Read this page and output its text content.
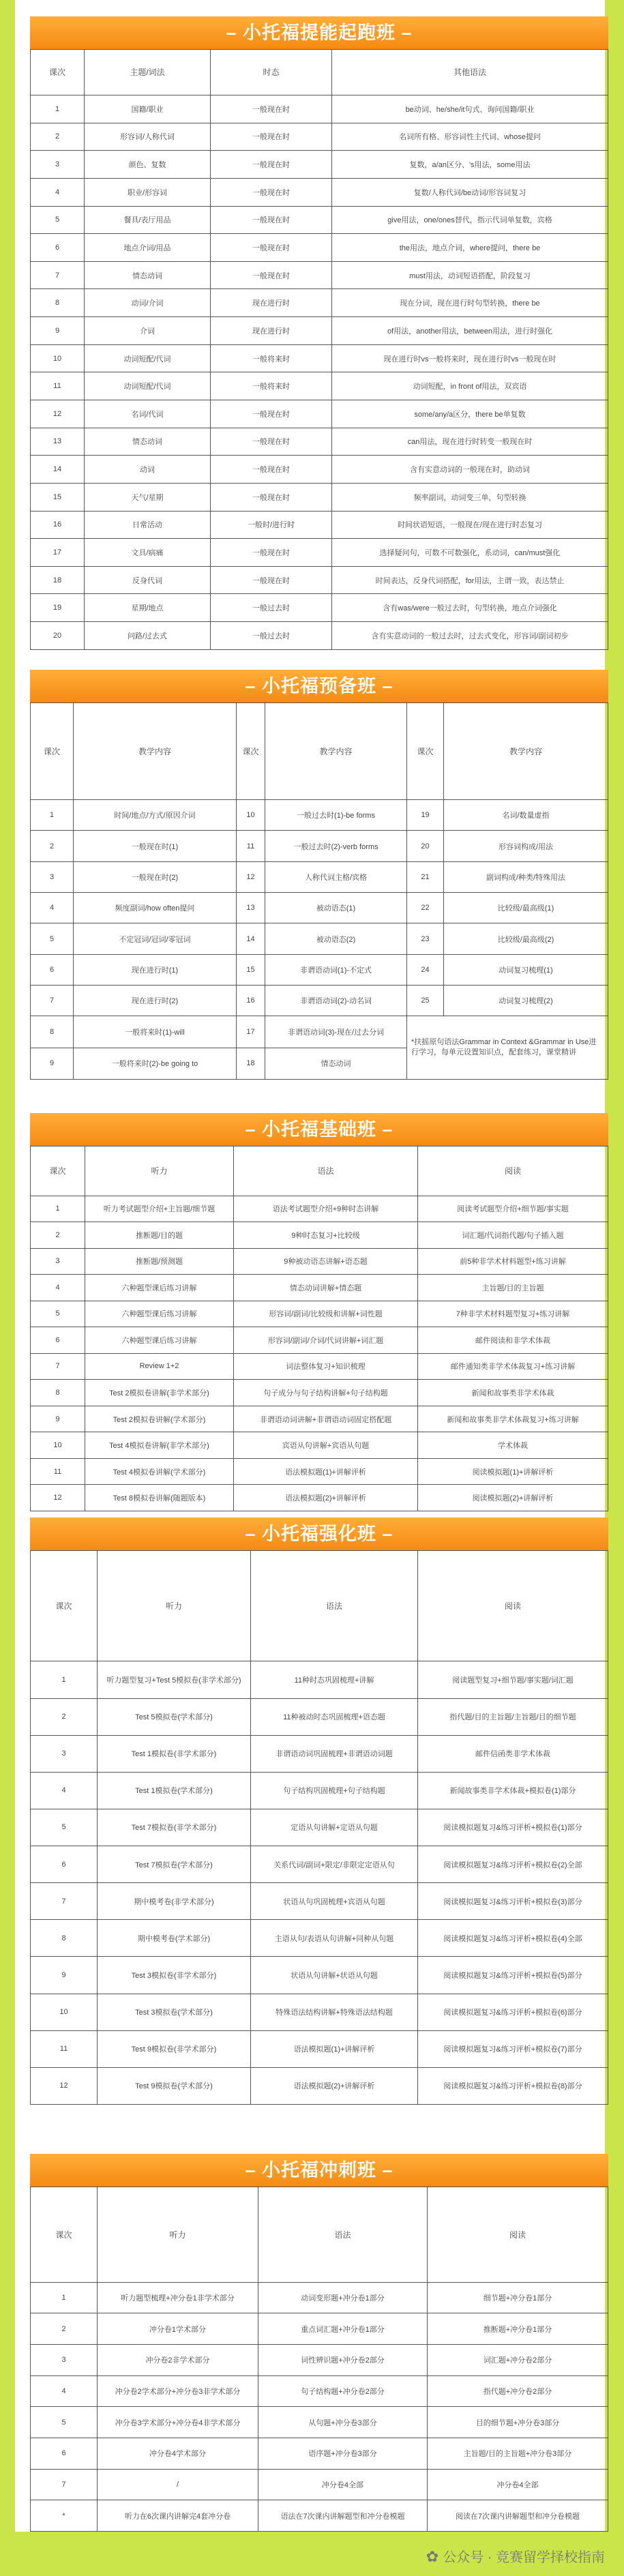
– 小托福提能起跑班 –
课次	主题/词法	时态	其他语法
1	国籍/职业	一般现在时	be动词、he/she/it句式、询问国籍/职业
2	形容词/人称代词	一般现在时	名词所有格、形容词性主代词、whose提问
3	颜色、复数	一般现在时	复数，a/an区分、's用法，some用法
4	职业/形容词	一般现在时	复数/人称代词/be动词/形容词复习
5	餐具/表厅用品	一般现在时	give用法，one/ones替代，指示代词单复数，宾格
6	地点介词/用品	一般现在时	the用法，地点介词，where提问，there be
7	情态动词	一般现在时	must用法，动词短语搭配，阶段复习
8	动词/介词	现在进行时	现在分词，现在进行时句型转换，there be
9	介词	现在进行时	of用法，another用法，between用法，进行时强化
10	动词短配/代词	一般将来时	现在进行时vs一般将来时，现在进行时vs一般现在时
11	动词短配/代词	一般将来时	动词短配，in front of用法，双宾语
12	名词/代词	一般现在时	some/any/a区分，there be单复数
13	情态动词	一般现在时	can用法，现在进行时转变一般现在时
14	动词	一般现在时	含有实意动词的一般现在时，助动词
15	天气/星期	一般现在时	频率副词，动词变三单，句型转换
16	日常活动	一般时/进行时	时间状语短语，一般现在/现在进行时态复习
17	文具/病痛	一般现在时	选择疑问句，可数不可数强化，系动词，can/must强化
18	反身代词	一般现在时	时间表达，反身代词搭配，for用法，主谓一致，表达禁止
19	星期/地点	一般过去时	含有was/were一般过去时，句型转换，地点介词强化
20	问路/过去式	一般过去时	含有实意动词的一般过去时，过去式变化，形容词/副词初步
– 小托福预备班 –
课次	教学内容	课次	教学内容	课次	教学内容
1	时间/地点/方式/原因介词	10	一般过去时(1)-be forms	19	名词/数量虚指
2	一般现在时(1)	11	一般过去时(2)-verb forms	20	形容词构成/用法
3	一般现在时(2)	12	人称代词主格/宾格	21	副词构成/种类/特殊用法
4	频度副词/how often提问	13	被动语态(1)	22	比较级/最高级(1)
5	不定冠词/冠词/零冠词	14	被动语态(2)	23	比较级/最高级(2)
6	现在进行时(1)	15	非谓语动词(1)-不定式	24	动词复习梳理(1)
7	现在进行时(2)	16	非谓语动词(2)-动名词	25	动词复习梳理(2)
8	一般将来时(1)-will	17	非谓语动词(3)-现在/过去分词	*扶摇原句语法Grammar in Context &Grammar in Use进行学习，每单元设置知识点，配套练习，课堂精讲	
9	一般将来时(2)-be going to	18	情态动词		
– 小托福基础班 –
课次	听力	语法	阅读
1	听力考试题型介绍+主旨题/细节题	语法考试题型介绍+9种时态讲解	阅读考试题型介绍+细节题/事实题
2	推断题/目的题	9种时态复习+比较级	词汇题/代词指代题/句子插入题
3	推断题/预测题	9种被动语态讲解+语态题	前5种非学术材料题型+练习讲解
4	六种题型课后练习讲解	情态动词讲解+情态题	主旨题/目的主旨题
5	六种题型课后练习讲解	形容词/副词/比较级和讲解+词性题	7种非学术材料题型复习+练习讲解
6	六种题型课后练习讲解	形容词/副词/介词/代词讲解+词汇题	邮件阅读和非学术体裁
7	Review 1+2	词法整体复习+知识梳理	邮件通知类非学术体裁复习+练习讲解
8	Test 2模拟卷讲解(非学术部分)	句子成分与句子结构讲解+句子结构题	新闻和故事类非学术体裁
9	Test 2模拟卷讲解(学术部分)	非谓语动词讲解+非谓语动词固定搭配题	新闻和故事类非学术体裁复习+练习讲解
10	Test 4模拟卷讲解(非学术部分)	宾语从句讲解+宾语从句题	学术体裁
11	Test 4模拟卷讲解(学术部分)	语法模拟题(1)+讲解评析	阅读模拟题(1)+讲解评析
12	Test 8模拟卷讲解(随题版本)	语法模拟题(2)+讲解评析	阅读模拟题(2)+讲解评析
– 小托福强化班 –
课次	听力	语法	阅读
1	听力题型复习+Test 5模拟卷(非学术部分)	11种时态巩固梳理+讲解	阅读题型复习+细节题/事实题/词汇题
2	Test 5模拟卷(学术部分)	11种被动时态巩固梳理+语态题	指代题/目的主旨题/主旨题/目的细节题
3	Test 1模拟卷(非学术部分)	非谓语动词巩固梳理+非谓语动词题	邮件信函类非学术体裁
4	Test 1模拟卷(学术部分)	句子结构巩固梳理+句子结构题	新闻故事类非学术体裁+模拟卷(1)部分
5	Test 7模拟卷(非学术部分)	定语从句讲解+定语从句题	阅读模拟题复习&练习评析+模拟卷(1)部分
6	Test 7模拟卷(学术部分)	关系代词/副词+限定/非限定定语从句	阅读模拟题复习&练习评析+模拟卷(2)全部
7	期中模考卷(非学术部分)	状语从句巩固梳理+宾语从句题	阅读模拟题复习&练习评析+模拟卷(3)部分
8	期中模考卷(学术部分)	主语从句/表语从句讲解+同种从句题	阅读模拟题复习&练习评析+模拟卷(4)全部
9	Test 3模拟卷(非学术部分)	状语从句讲解+状语从句题	阅读模拟题复习&练习评析+模拟卷(5)部分
10	Test 3模拟卷(学术部分)	特殊语法结构讲解+特殊语法结构题	阅读模拟题复习&练习评析+模拟卷(6)部分
11	Test 9模拟卷(非学术部分)	语法模拟题(1)+讲解评析	阅读模拟题复习&练习评析+模拟卷(7)部分
12	Test 9模拟卷(学术部分)	语法模拟题(2)+讲解评析	阅读模拟题复习&练习评析+模拟卷(8)部分
– 小托福冲刺班 –
课次	听力	语法	阅读
1	听力题型梳理+冲分卷1非学术部分	动词变形题+冲分卷1部分	细节题+冲分卷1部分
2	冲分卷1学术部分	重点词汇题+冲分卷1部分	推断题+冲分卷1部分
3	冲分卷2非学术部分	词性辨识题+冲分卷2部分	词汇题+冲分卷2部分
4	冲分卷2学术部分+冲分卷3非学术部分	句子结构题+冲分卷2部分	指代题+冲分卷2部分
5	冲分卷3学术部分+冲分卷4非学术部分	从句题+冲分卷3部分	目的细节题+冲分卷3部分
6	冲分卷4学术部分	语序题+冲分卷3部分	主旨题/目的主旨题+冲分卷3部分
7	/	冲分卷4全部	冲分卷4全部
*	听力在6次课内讲解完4套冲分卷	语法在7次课内讲解题型和冲分卷模题	阅读在7次课内讲解题型和冲分卷模题
✿ 公众号 · 竞赛留学择校指南
